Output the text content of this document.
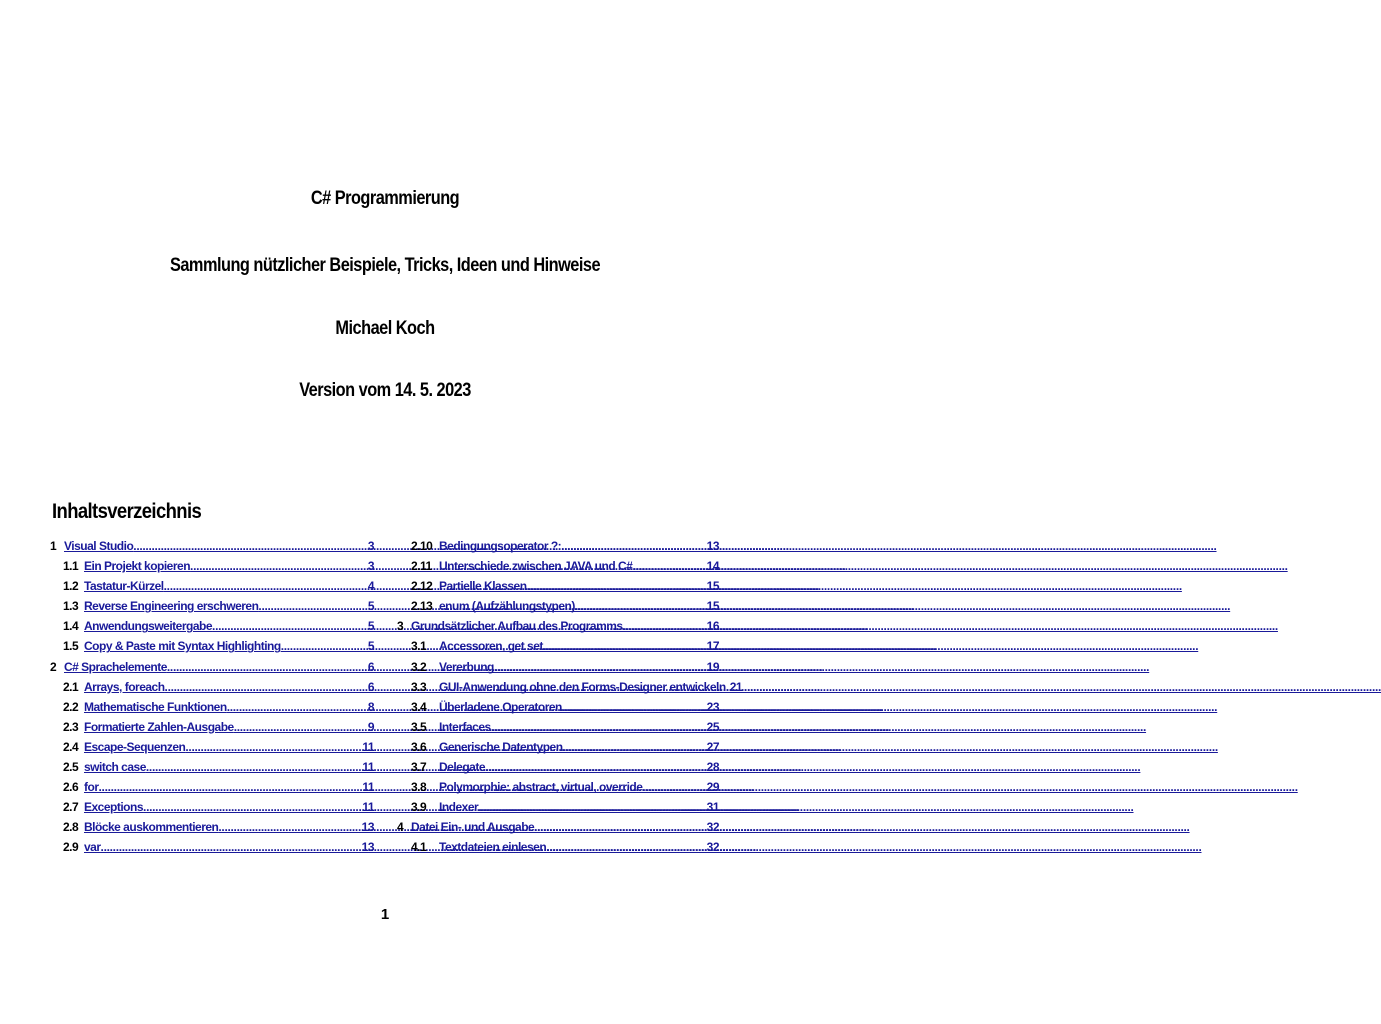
C# Programmierung
Sammlung nützlicher Beispiele, Tricks, Ideen und Hinweise
Michael Koch
Version vom 14. 5. 2023
Inhaltsverzeichnis
1 Visual Studio .....	3
1.1 Ein Projekt kopieren .....	3
1.2 Tastatur-Kürzel .....	4
1.3 Reverse Engineering erschweren .....	5
1.4 Anwendungsweitergabe .....	5
1.5 Copy & Paste mit Syntax Highlighting .....	5
2 C# Sprachelemente .....	6
2.1 Arrays, foreach .....	6
2.2 Mathematische Funktionen .....	8
2.3 Formatierte Zahlen-Ausgabe .....	9
2.4 Escape-Sequenzen .....	11
2.5 switch case .....	11
2.6 for .....	11
2.7 Exceptions .....	11
2.8 Blöcke auskommentieren .....	13
2.9 var .....	13
2.10 Bedingungsoperator ?: .....	13
2.11 Unterschiede zwischen JAVA und C# .....	14
2.12 Partielle Klassen .....	15
2.13 enum (Aufzählungstypen) .....	15
3 Grundsätzlicher Aufbau des Programms .....	16
3.1	Accessoren, get set .....	17
3.2	Vererbung .....	19
3.3	GUI-Anwendung ohne den Forms-Designer entwickeln ..... 21
3.4	Überladene Operatoren .....	23
3.5	Interfaces .....	25
3.6	Generische Datentypen .....	27
3.7	Delegate .....	28
3.8	Polymorphie: abstract, virtual, override .....	29
3.9	Indexer .....	31
4 Datei Ein- und Ausgabe .....	32
4.1	Textdateien einlesen .....	32
1
